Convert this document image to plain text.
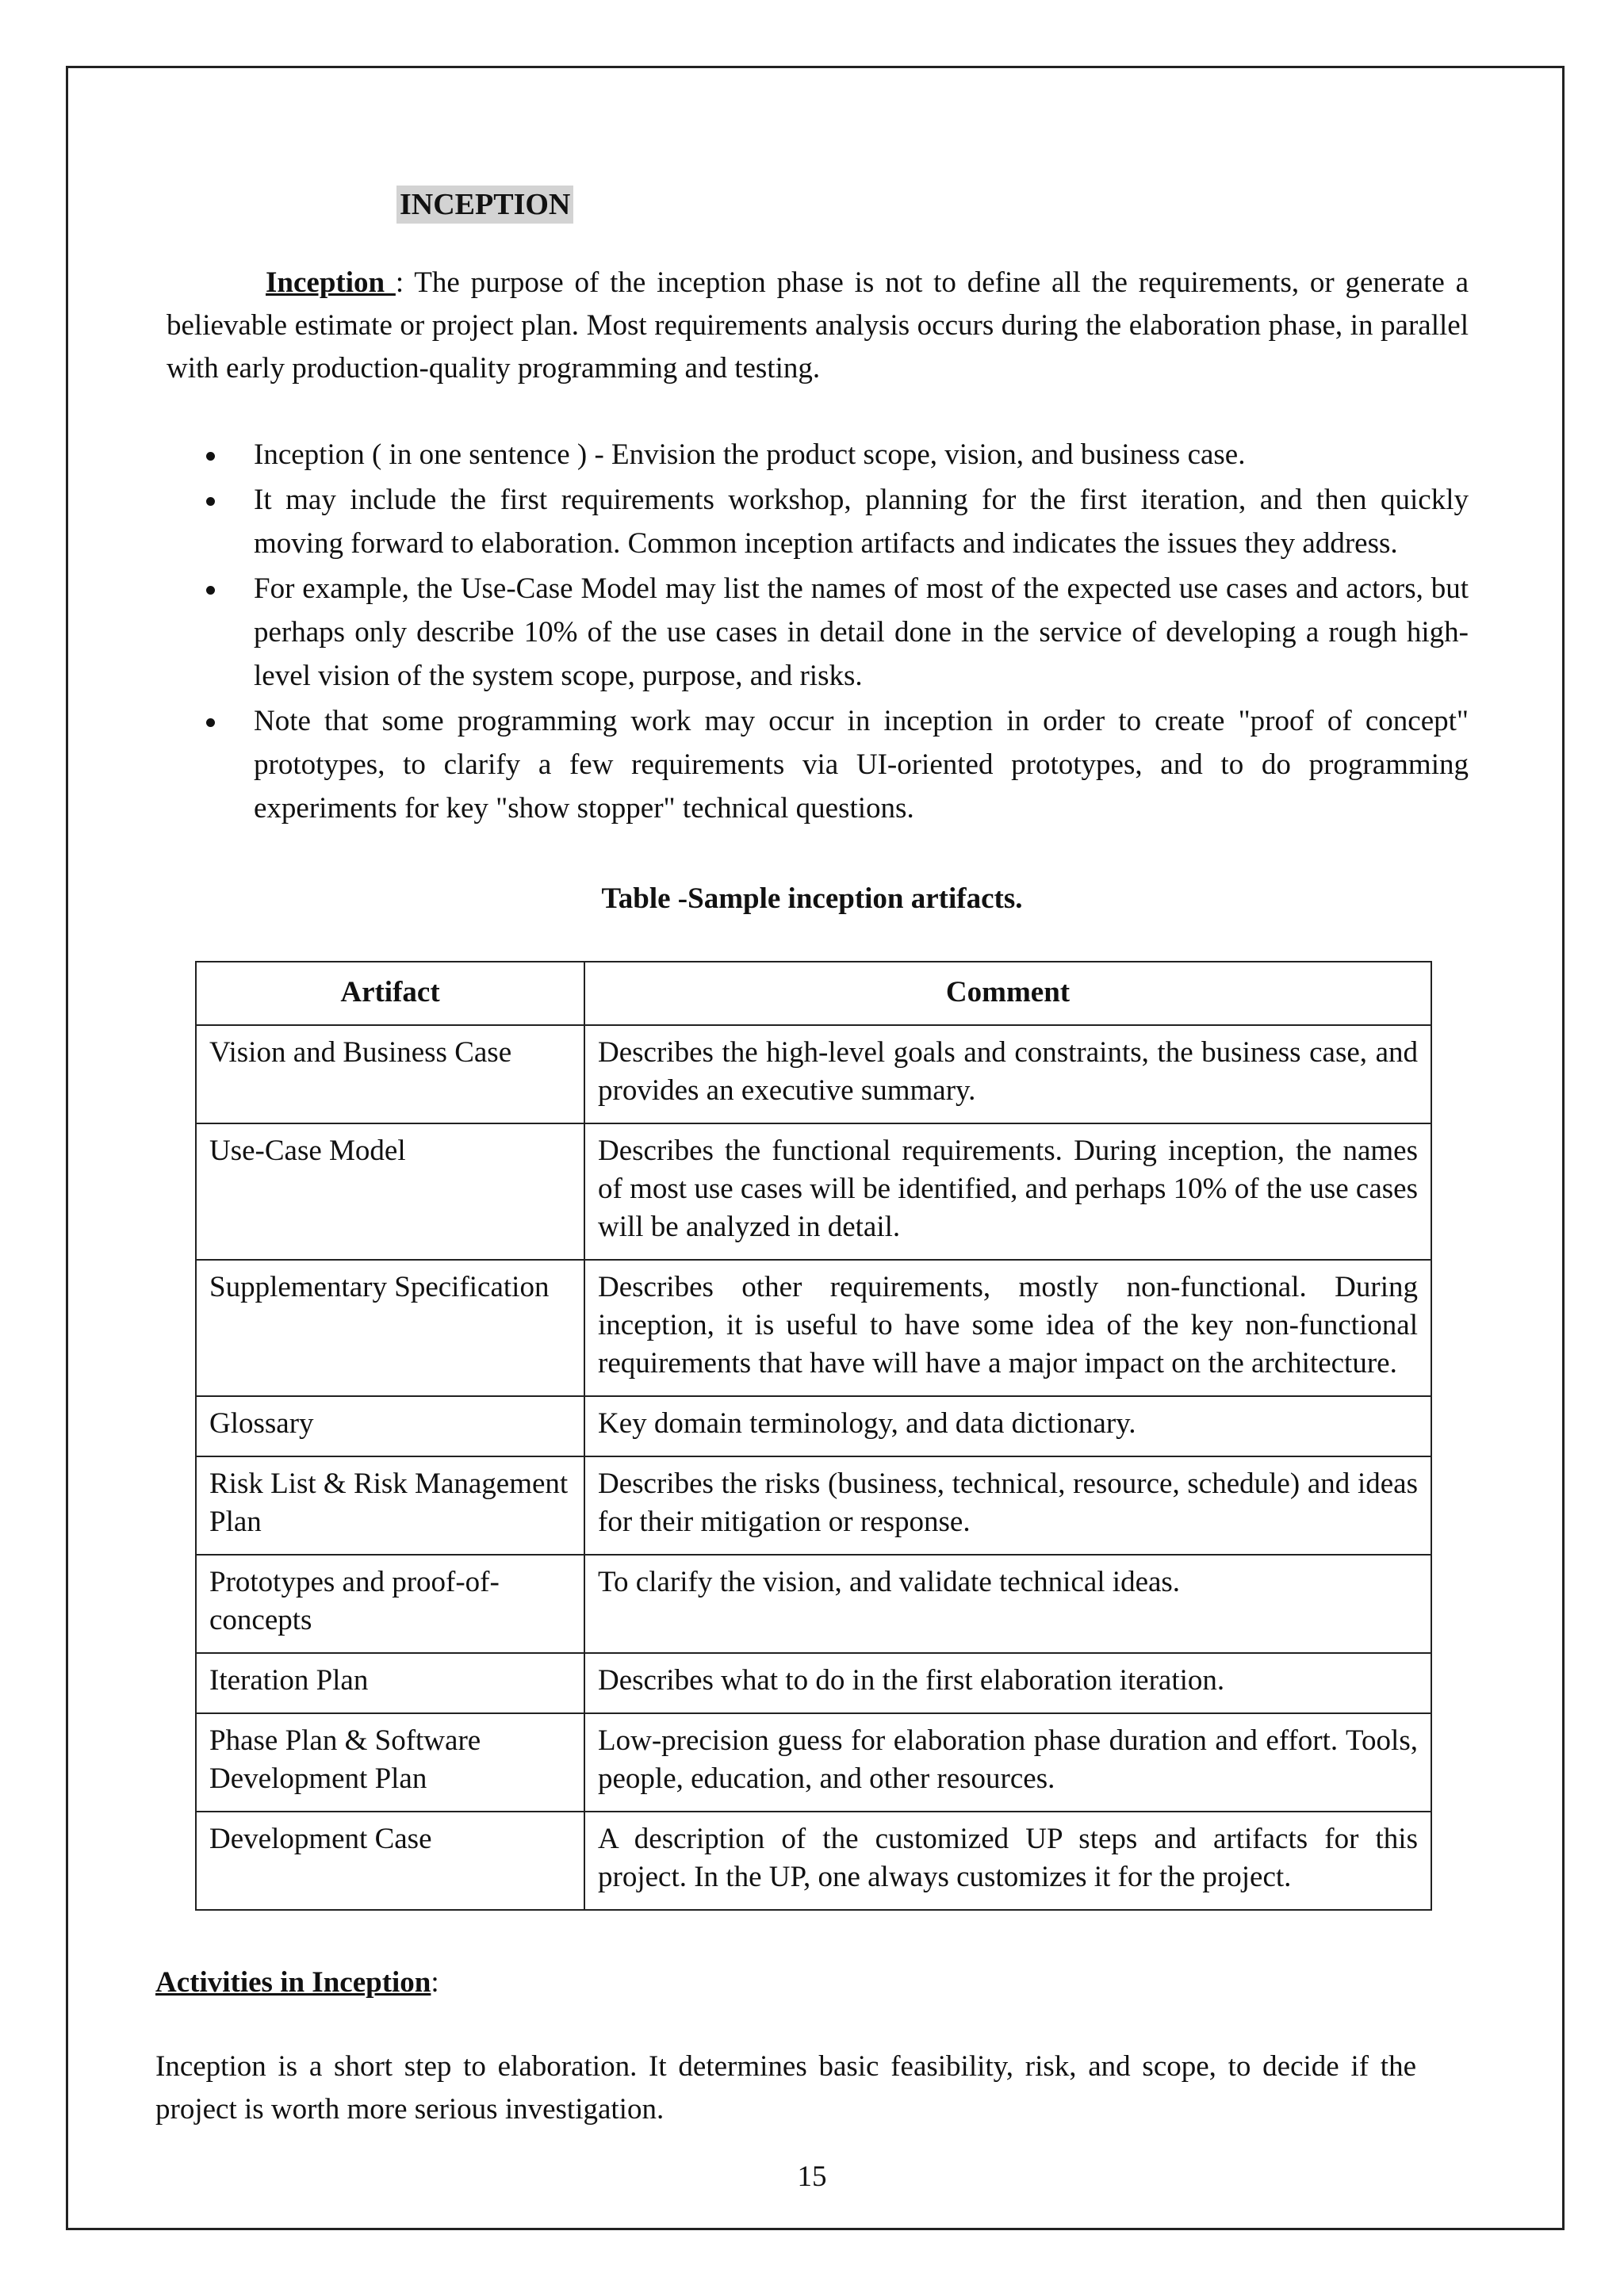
INCEPTION

Inception : The purpose of the inception phase is not to define all the requirements, or generate a believable estimate or project plan. Most requirements analysis occurs during the elaboration phase, in parallel with early production-quality programming and testing.

Inception ( in one sentence ) - Envision the product scope, vision, and business case.
It may include the first requirements workshop, planning for the first iteration, and then quickly moving forward to elaboration. Common inception artifacts and indicates the issues they address.
For example, the Use-Case Model may list the names of most of the expected use cases and actors, but perhaps only describe 10% of the use cases in detail done in the service of developing a rough high-level vision of the system scope, purpose, and risks.
Note that some programming work may occur in inception in order to create "proof of concept" prototypes, to clarify a few requirements via UI-oriented prototypes, and to do programming experiments for key "show stopper" technical questions.
Table -Sample inception artifacts.
Artifact	Comment
Vision and Business Case	Describes the high-level goals and constraints, the business case, and provides an executive summary.
Use-Case Model	Describes the functional requirements. During inception, the names of most use cases will be identified, and perhaps 10% of the use cases will be analyzed in detail.
Supplementary Specification	Describes other requirements, mostly non-functional. During inception, it is useful to have some idea of the key non-functional requirements that have will have a major impact on the architecture.
Glossary	Key domain terminology, and data dictionary.
Risk List & Risk Management Plan	Describes the risks (business, technical, resource, schedule) and ideas for their mitigation or response.
Prototypes and proof-of-concepts	To clarify the vision, and validate technical ideas.
Iteration Plan	Describes what to do in the first elaboration iteration.
Phase Plan & Software Development Plan	Low-precision guess for elaboration phase duration and effort. Tools, people, education, and other resources.
Development Case	A description of the customized UP steps and artifacts for this project. In the UP, one always customizes it for the project.
Activities in Inception:

Inception is a short step to elaboration. It determines basic feasibility, risk, and scope, to decide if the project is worth more serious investigation.

15
